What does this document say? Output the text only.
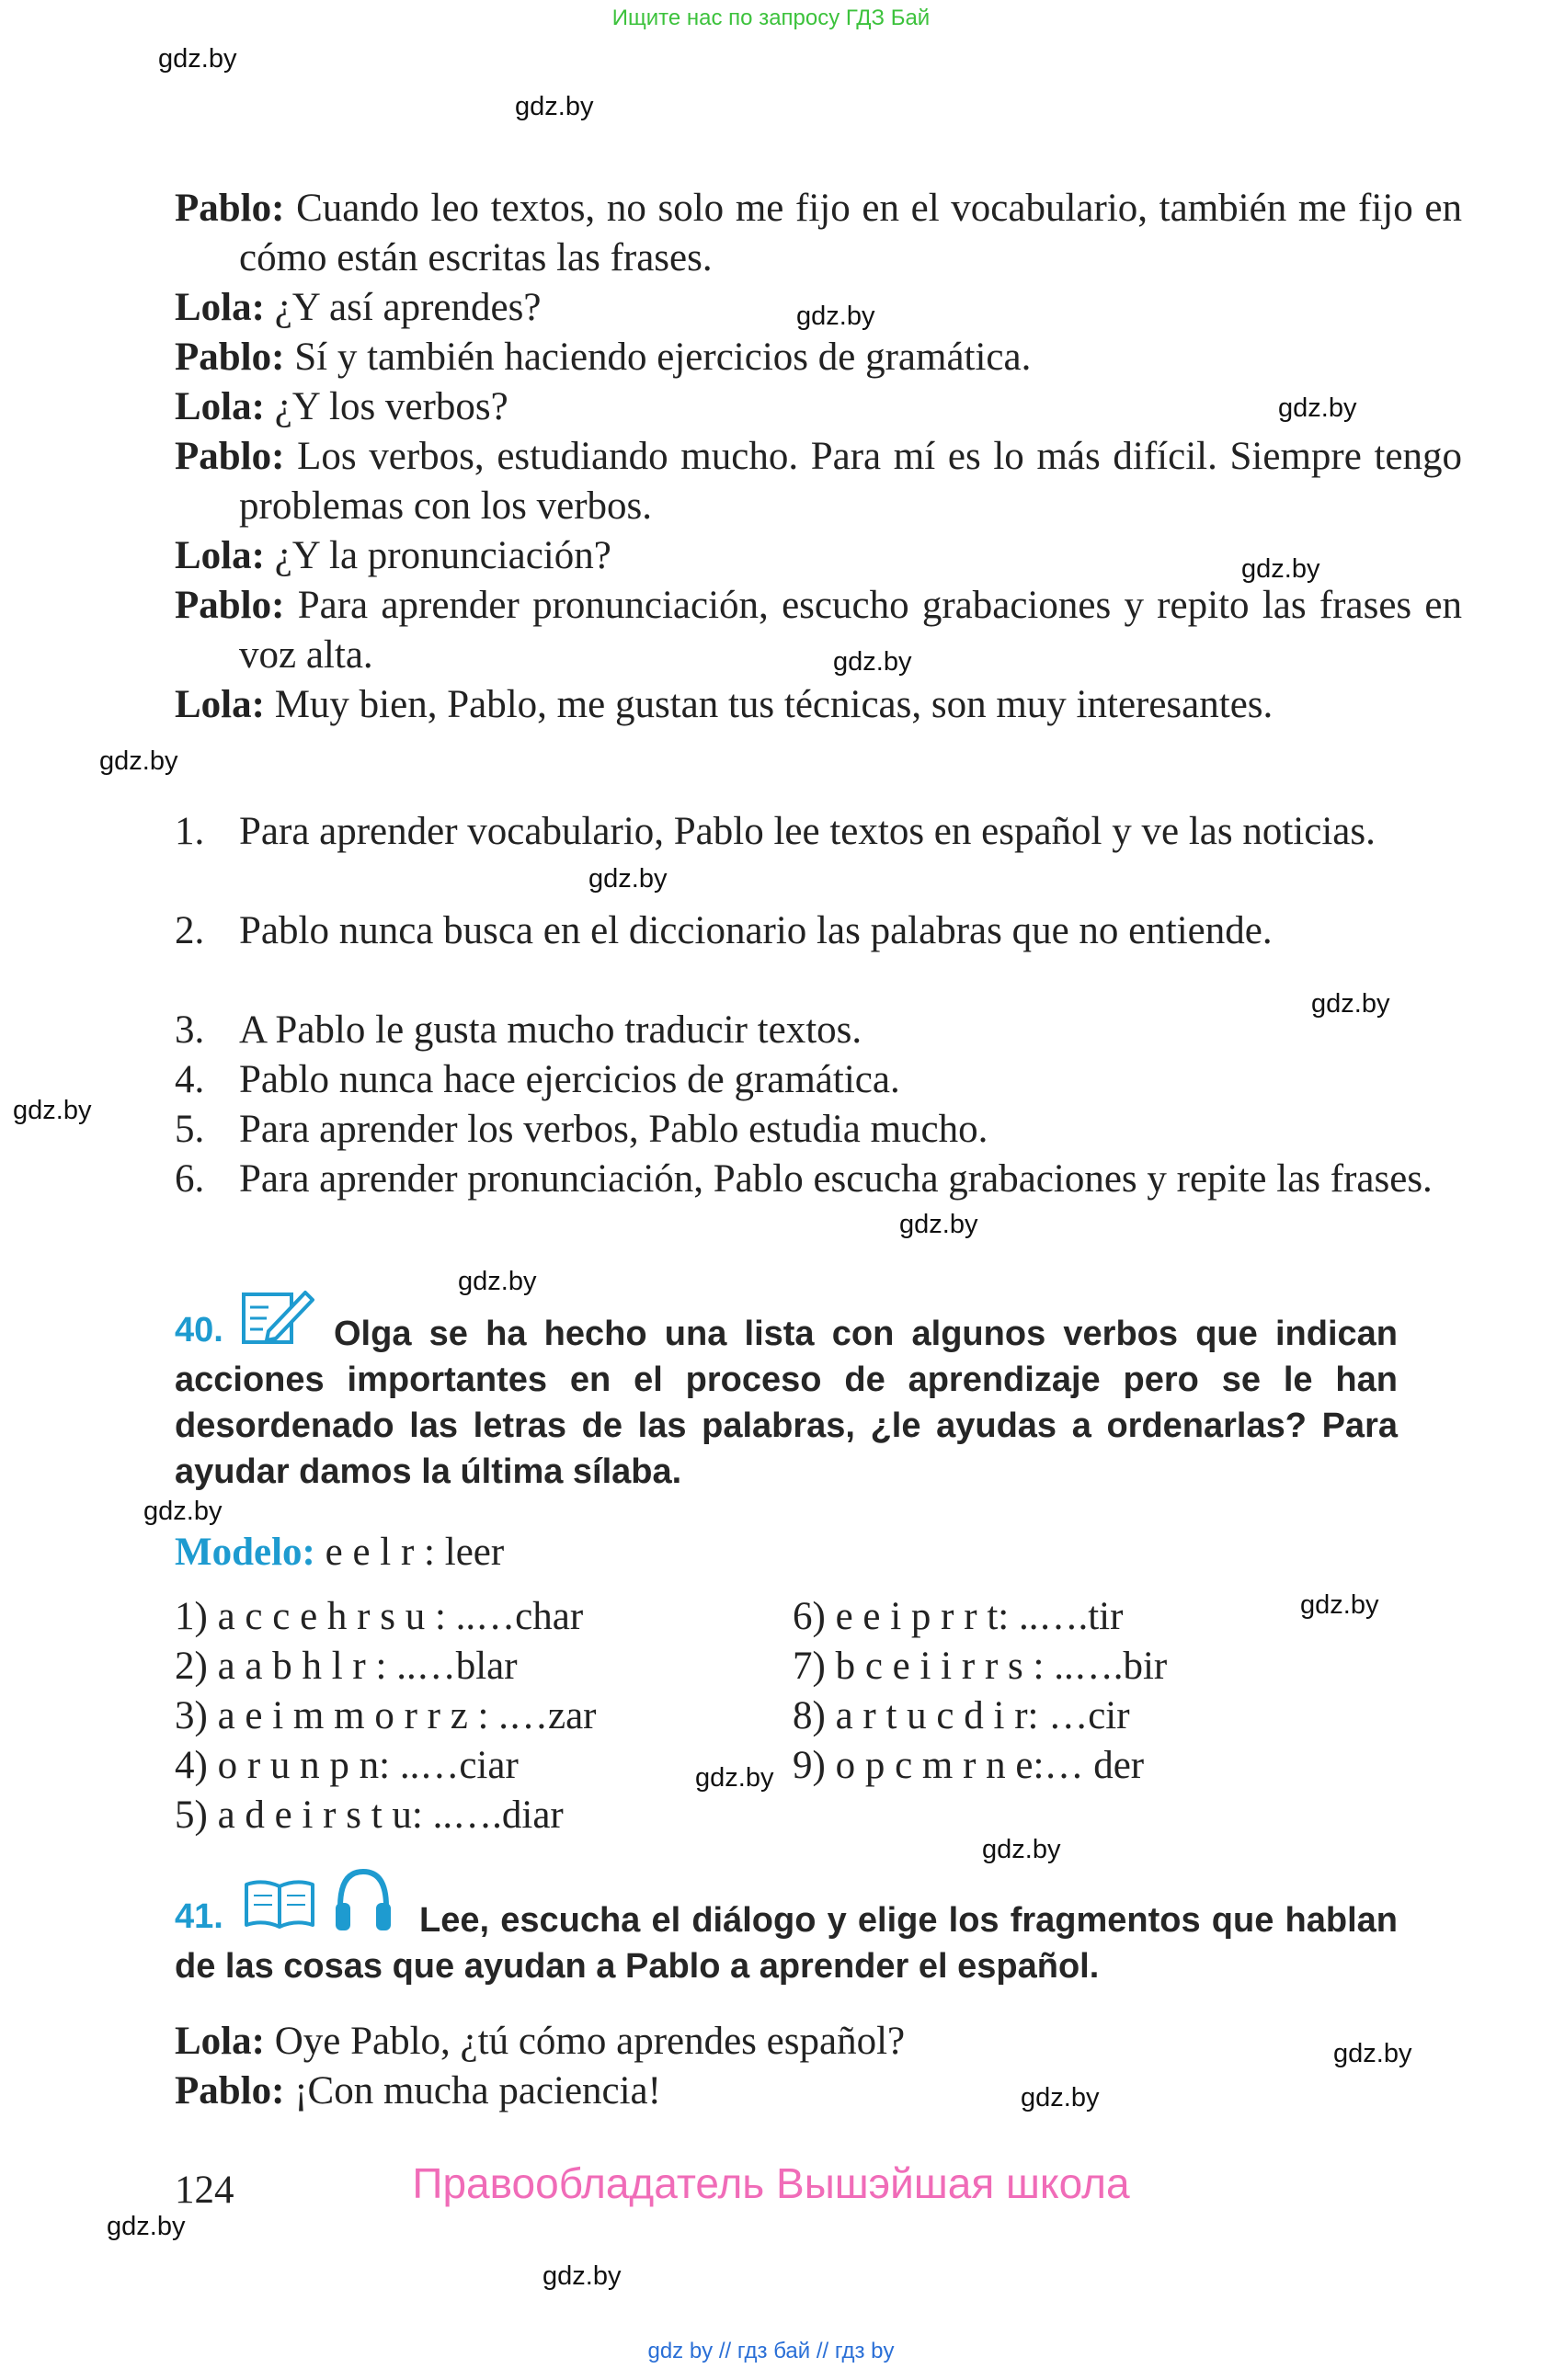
Ищите нас по запросу ГДЗ Бай
gdz.by
gdz.by
gdz.by
gdz.by
gdz.by
gdz.by
gdz.by
gdz.by
gdz.by
gdz.by
gdz.by
gdz.by
gdz.by
gdz.by
gdz.by
gdz.by
gdz.by
gdz.by
gdz.by
gdz.by
Pablo: Cuando leo textos, no solo me fijo en el vocabulario, también me fijo en cómo están escritas las frases.
Lola: ¿Y así aprendes?
Pablo: Sí y también haciendo ejercicios de gramática.
Lola: ¿Y los verbos?
Pablo: Los verbos, estudiando mucho. Para mí es lo más difícil. Siempre tengo problemas con los verbos.
Lola: ¿Y la pronunciación?
Pablo: Para aprender pronunciación, escucho grabaciones y repito las frases en voz alta.
Lola: Muy bien, Pablo, me gustan tus técnicas, son muy interesantes.
1. Para aprender vocabulario, Pablo lee textos en español y ve las noticias.
2. Pablo nunca busca en el diccionario las palabras que no entiende.
3. A Pablo le gusta mucho traducir textos.
4. Pablo nunca hace ejercicios de gramática.
5. Para aprender los verbos, Pablo estudia mucho.
6. Para aprender pronunciación, Pablo escucha grabaciones y repite las frases.
40.	Olga se ha hecho una lista con algunos verbos que indican acciones importantes en el proceso de aprendizaje pero se le han desordenado las letras de las palabras, ¿le ayudas a ordenarlas? Para ayudar damos la última sílaba.
Modelo: e e l r : leer
1) a c c e h r s u : ..…char
2) a a b h l r : ..…blar
3) a e i m m o r r z : .…zar
4) o r u n p n: ..…ciar
5) a d e i r s t u: ..….diar
6) e e i p r r t: ..….tir
7) b c e i i r r s : ..….bir
8) a r t u c d i r: …cir
9) o p c m r n e:… der
41.	Lee, escucha el diálogo y elige los fragmentos que hablan de las cosas que ayudan a Pablo a aprender el español.
Lola: Oye Pablo, ¿tú cómo aprendes español?
Pablo: ¡Con mucha paciencia!
124	Правообладатель Вышэйшая школа
gdz by // гдз бай // гдз by
